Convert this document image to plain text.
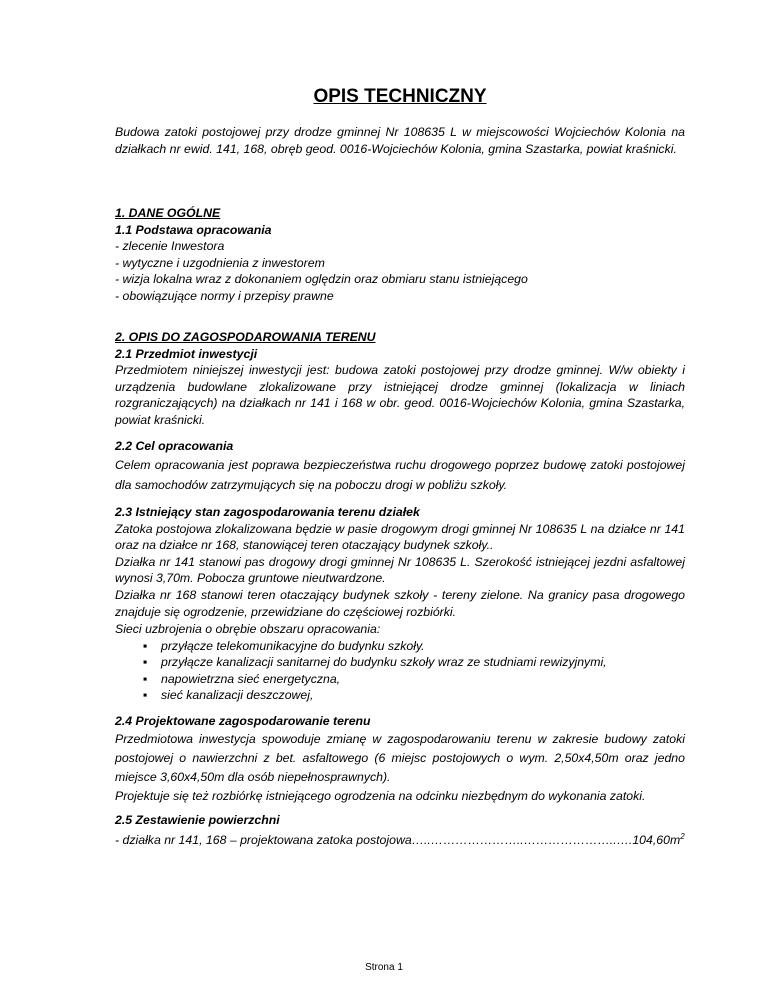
OPIS TECHNICZNY
Budowa zatoki postojowej przy drodze gminnej Nr 108635 L w miejscowości Wojciechów Kolonia na działkach nr ewid. 141, 168, obręb geod. 0016-Wojciechów Kolonia, gmina Szastarka, powiat kraśnicki.
1. DANE OGÓLNE
1.1 Podstawa opracowania
- zlecenie Inwestora
- wytyczne i uzgodnienia z inwestorem
- wizja lokalna wraz z dokonaniem oględzin oraz obmiaru stanu istniejącego
- obowiązujące normy i przepisy prawne
2. OPIS DO ZAGOSPODAROWANIA TERENU
2.1 Przedmiot inwestycji
Przedmiotem niniejszej inwestycji jest: budowa zatoki postojowej przy drodze gminnej. W/w obiekty i urządzenia budowlane zlokalizowane przy istniejącej drodze gminnej (lokalizacja w liniach rozgraniczających) na działkach nr 141 i 168 w obr. geod. 0016-Wojciechów Kolonia, gmina Szastarka, powiat kraśnicki.
2.2 Cel opracowania
Celem opracowania jest poprawa bezpieczeństwa ruchu drogowego poprzez budowę zatoki postojowej dla samochodów zatrzymujących się na poboczu drogi w pobliżu szkoły.
2.3 Istniejący stan zagospodarowania terenu działek
Zatoka postojowa zlokalizowana będzie w pasie drogowym drogi gminnej Nr 108635 L na działce nr 141 oraz na działce nr 168, stanowiącej teren otaczający budynek szkoły..
Działka nr 141 stanowi pas drogowy drogi gminnej Nr 108635 L. Szerokość istniejącej jezdni asfaltowej wynosi 3,70m. Pobocza gruntowe nieutwardzone.
Działka nr 168 stanowi teren otaczający budynek szkoły - tereny zielone. Na granicy pasa drogowego znajduje się ogrodzenie, przewidziane do częściowej rozbiórki.
Sieci uzbrojenia o obrębie obszaru opracowania:
▪ przyłącze telekomunikacyjne do budynku szkoły.
▪ przyłącze kanalizacji sanitarnej do budynku szkoły wraz ze studniami rewizyjnymi,
▪ napowietrzna sieć energetyczna,
▪ sieć kanalizacji deszczowej,
2.4 Projektowane zagospodarowanie terenu
Przedmiotowa inwestycja spowoduje zmianę w zagospodarowaniu terenu w zakresie budowy zatoki postojowej o nawierzchni z bet. asfaltowego (6 miejsc postojowych o wym. 2,50x4,50m oraz jedno miejsce 3,60x4,50m dla osób niepełnosprawnych).
Projektuje się też rozbiórkę istniejącego ogrodzenia na odcinku niezbędnym do wykonania zatoki.
2.5 Zestawienie powierzchni
- działka nr 141, 168 – projektowana zatoka $postojowa\dots..\dots\dots\dots\dots\dots\dots\dots..\dots\dots\dots\dots\dots\dots\dots..\dots.104,60m^2$
Strona 1
